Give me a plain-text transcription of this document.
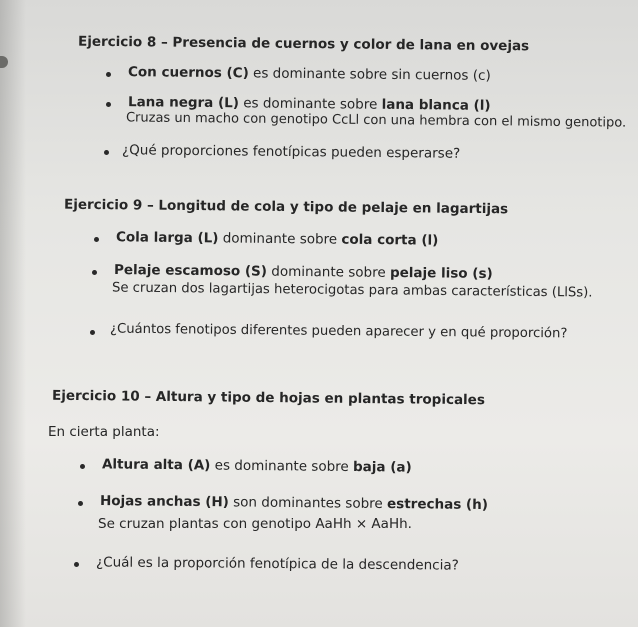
Ejercicio 8 – Presencia de cuernos y color de lana en ovejas
Con cuernos (C) es dominante sobre sin cuernos (c)
Lana negra (L) es dominante sobre lana blanca (l)
Cruzas un macho con genotipo CcLl con una hembra con el mismo genotipo.
¿Qué proporciones fenotípicas pueden esperarse?
Ejercicio 9 – Longitud de cola y tipo de pelaje en lagartijas
Cola larga (L) dominante sobre cola corta (l)
Pelaje escamoso (S) dominante sobre pelaje liso (s)
Se cruzan dos lagartijas heterocigotas para ambas características (LlSs).
¿Cuántos fenotipos diferentes pueden aparecer y en qué proporción?
Ejercicio 10 – Altura y tipo de hojas en plantas tropicales
En cierta planta:
Altura alta (A) es dominante sobre baja (a)
Hojas anchas (H) son dominantes sobre estrechas (h)
Se cruzan plantas con genotipo AaHh × AaHh.
¿Cuál es la proporción fenotípica de la descendencia?
